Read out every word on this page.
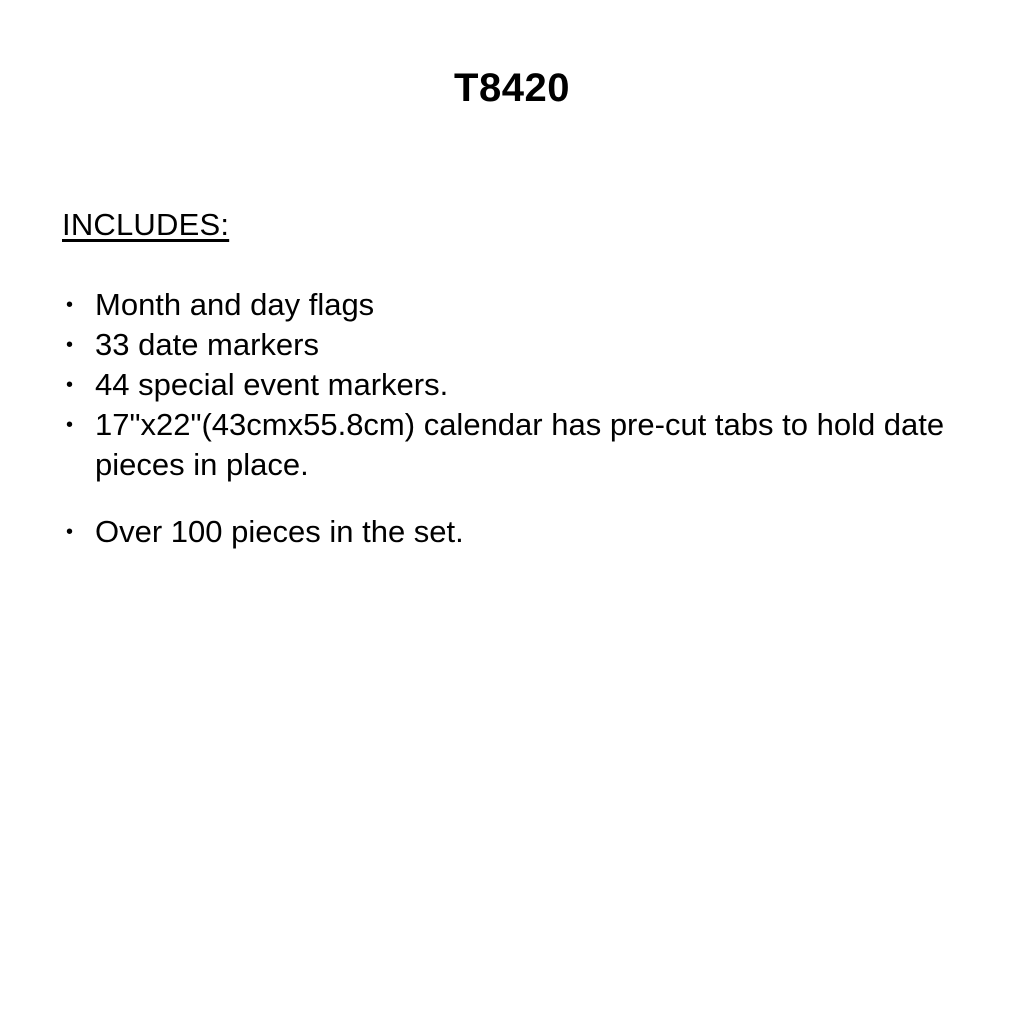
T8420
INCLUDES:
• Month and day flags
• 33 date markers
• 44 special event markers.
• 17"x22"(43cmx55.8cm) calendar has pre-cut tabs to hold date pieces in place.
• Over 100 pieces in the set.
